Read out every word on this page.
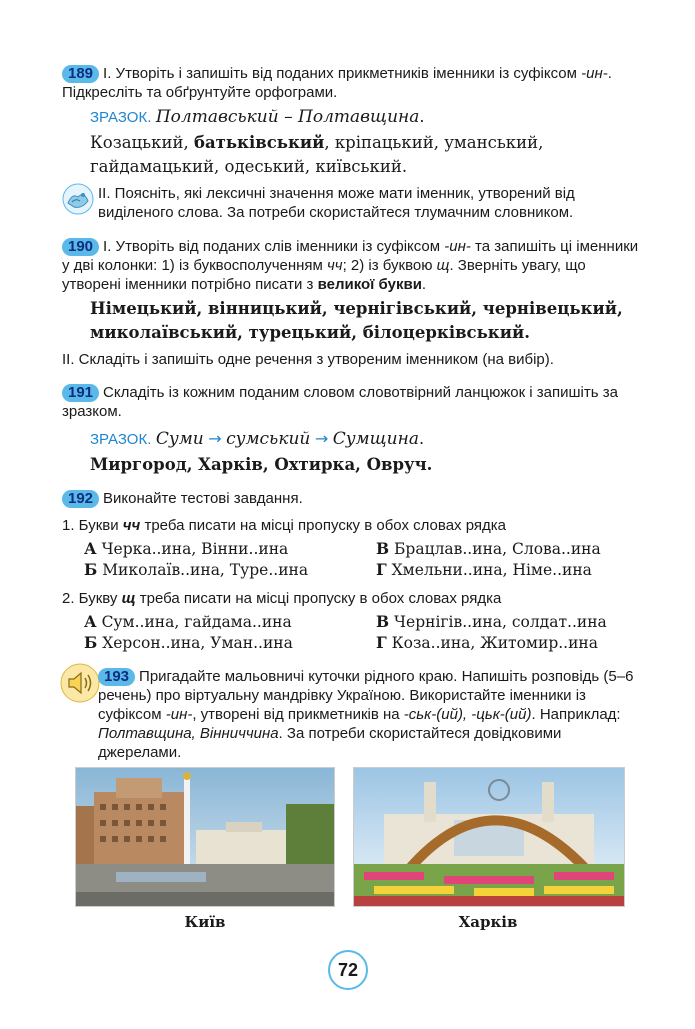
189 І. Утворіть і запишіть від поданих прикметників іменники із суфіксом -ин-. Підкресліть та обґрунтуйте орфограми.
ЗРАЗОК. Полтавський – Полтавщина.
Козацький, батьківський, кріпацький, уманський, гайдамацький, одеський, київський.
ІІ. Поясніть, які лексичні значення може мати іменник, утворений від виділеного слова. За потреби скористайтеся тлумачним словником.
190 І. Утворіть від поданих слів іменники із суфіксом -ин- та запишіть ці іменники у дві колонки: 1) із буквосполученням чч; 2) із буквою щ. Зверніть увагу, що утворені іменники потрібно писати з великої букви.
Німецький, вінницький, чернігівський, чернівецький, миколаївський, турецький, білоцерківський.
ІІ. Складіть і запишіть одне речення з утвореним іменником (на вибір).
191 Складіть із кожним поданим словом словотвірний ланцюжок і запишіть за зразком.
ЗРАЗОК. Суми → сумський → Сумщина.
Миргород, Харків, Охтирка, Овруч.
192 Виконайте тестові завдання.
1. Букви чч треба писати на місці пропуску в обох словах рядка
А Черка..ина, Вінни..ина	В Брацлав..ина, Слова..ина
Б Миколаїв..ина, Туре..ина	Г Хмельни..ина, Німе..ина
2. Букву щ треба писати на місці пропуску в обох словах рядка
А Сум..ина, гайдама..ина	В Чернігів..ина, солдат..ина
Б Херсон..ина, Уман..ина	Г Коза..ина, Житомир..ина
193 Пригадайте мальовничі куточки рідного краю. Напишіть розповідь (5–6 речень) про віртуальну мандрівку Україною. Використайте іменники із суфіксом -ин-, утворені від прикметників на -ськ-(ий), -цьк-(ий). Наприклад: Полтавщина, Вінниччина. За потреби скористайтеся довідковими джерелами.
Київ	Харків
72
